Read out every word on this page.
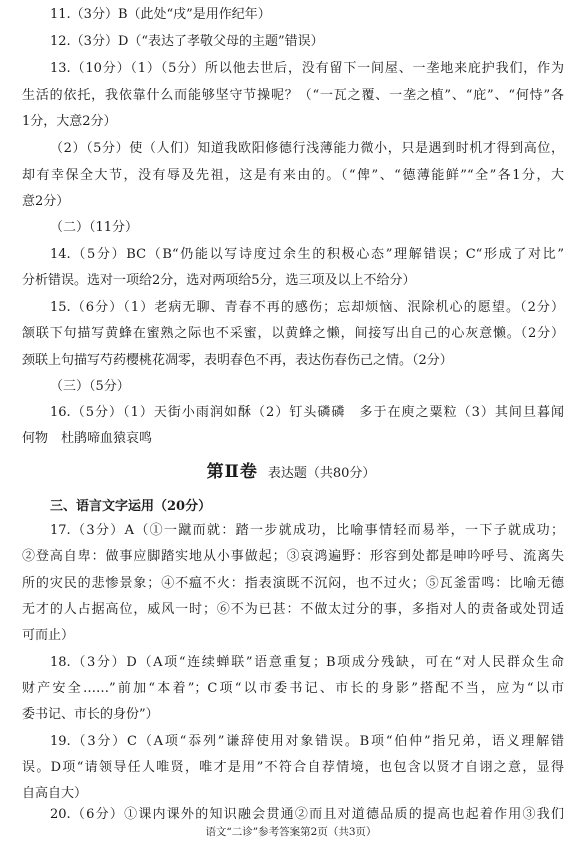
11.（3分）B（此处“戌”是用作纪年）
12.（3分）D（“表达了孝敬父母的主题”错误）
13.（10分）（1）（5分）所以他去世后，没有留下一间屋、一垄地来庇护我们，作为
生活的依托，我依靠什么而能够坚守节操呢？（“一瓦之覆、一垄之植”、“庇”、“何恃”各
1分，大意2分）
（2）（5分）使（人们）知道我欧阳修德行浅薄能力微小，只是遇到时机才得到高位，
却有幸保全大节，没有辱及先祖，这是有来由的。（“俾”、“德薄能鲜”“全”各1分，大
意2分）
（二）（11分）
14.（5分）BC（B“仍能以写诗度过余生的积极心态”理解错误；C“形成了对比”
分析错误。选对一项给2分，选对两项给5分，选三项及以上不给分）
15.（6分）（1）老病无聊、青春不再的感伤；忘却烦恼、泯除机心的愿望。（2分）
颔联下句描写黄蜂在蜜熟之际也不采蜜，以黄蜂之懒，间接写出自己的心灰意懒。（2分）
颈联上句描写芍药樱桃花凋零，表明春色不再，表达伤春伤己之情。（2分）
（三）（5分）
16.（5分）（1）天街小雨润如酥（2）钉头磷磷　多于在庾之粟粒（3）其间旦暮闻
何物　杜鹃啼血猿哀鸣
第Ⅱ卷 表达题（共80分）
三、语言文字运用（20分）
17.（3分）A（①一蹴而就：踏一步就成功，比喻事情轻而易举，一下子就成功；
②登高自卑：做事应脚踏实地从小事做起；③哀鸿遍野：形容到处都是呻吟呼号、流离失
所的灾民的悲惨景象；④不瘟不火：指表演既不沉闷，也不过火；⑤瓦釜雷鸣：比喻无德
无才的人占据高位，威风一时；⑥不为已甚：不做太过分的事，多指对人的责备或处罚适
可而止）
18.（3分）D（A项“连续蝉联”语意重复；B项成分残缺，可在“对人民群众生命
财产安全……”前加“本着”；C项“以市委书记、市长的身影”搭配不当，应为“以市
委书记、市长的身份”）
19.（3分）C（A项“忝列”谦辞使用对象错误。B项“伯仲”指兄弟，语义理解错
误。D项“请领导任人唯贤，唯才是用”不符合自荐情境，也包含以贤才自诩之意，显得
自高自大）
20.（6分）①课内课外的知识融会贯通②而且对道德品质的提高也起着作用③我们
语文“二诊”参考答案第2页（共3页）
